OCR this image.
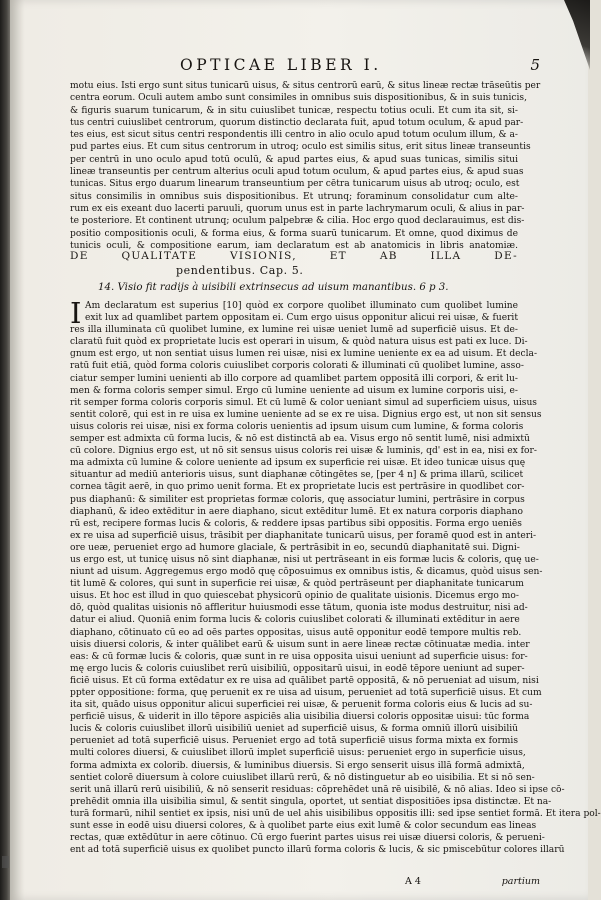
OPTICAE LIBER I.	5
motu eius. Isti ergo sunt situs tunicarū uisus, & situs centrorū earū, & situs lineæ rectæ trāseūtis per
centra eorum. Oculi autem ambo sunt consimiles in omnibus suis dispositionibus, & in suis tunicis,
& figuris suarum tunicarum, & in situ cuiuslibet tunicæ, respectu totius oculi. Et cum ita sit, si-
tus centri cuiuslibet centrorum, quorum distinctio declarata fuit, apud totum oculum, & apud par-
tes eius, est sicut situs centri respondentis illi centro in alio oculo apud totum oculum illum, & a-
pud partes eius. Et cum situs centrorum in utroq; oculo est similis situs, erit situs lineæ transeuntis
per centrū in uno oculo apud totū oculū, & apud partes eius, & apud suas tunicas, similis situi
lineæ transeuntis per centrum alterius oculi apud totum oculum, & apud partes eius, & apud suas
tunicas. Situs ergo duarum linearum transeuntium per cētra tunicarum uisus ab utroq; oculo, est
situs consimilis in omnibus suis dispositionibus. Et utrunq; foraminum consolidatur cum alte-
rum ex eis exeant duo lacerti paruuli, quorum unus est in parte lachrymarum oculi, & alius in par-
te posteriore. Et continent utrunq; oculum palpebræ & cilia. Hoc ergo quod declarauimus, est dis-
positio compositionis oculi, & forma eius, & forma suarū tunicarum. Et omne, quod diximus de
tunicis oculi, & compositione earum, iam declaratum est ab anatomicis in libris anatomiæ.
DE QUALITATE VISIONIS, ET AB ILLA DE-
pendentibus. Cap. 5.
14. Visio fit radijs à uisibili extrinsecus ad uisum manantibus. 6 p 3.
I Am declaratum est superius [10] quòd ex corpore quolibet illuminato cum quolibet lumine
exit lux ad quamlibet partem oppositam ei. Cum ergo uisus opponitur alicui rei uisæ, & fuerit
res illa illuminata cū quolibet lumine, ex lumine rei uisæ ueniet lumē ad superficiē uisus. Et de-
claratū fuit quòd ex proprietate lucis est operari in uisum, & quòd natura uisus est pati ex luce. Di-
gnum est ergo, ut non sentiat uisus lumen rei uisæ, nisi ex lumine ueniente ex ea ad uisum. Et decla-
ratū fuit etiā, quòd forma coloris cuiuslibet corporis colorati & illuminati cū quolibet lumine, asso-
ciatur semper lumini uenienti ab illo corpore ad quamlibet partem oppositā illi corpori, & erit lu-
men & forma coloris semper simul. Ergo cū lumine ueniente ad uisum ex lumine corporis uisi, e-
rit semper forma coloris corporis simul. Et cū lumē & color ueniant simul ad superficiem uisus, uisus
sentit colorē, qui est in re uisa ex lumine ueniente ad se ex re uisa. Dignius ergo est, ut non sit sensus
uisus coloris rei uisæ, nisi ex forma coloris uenientis ad ipsum uisum cum lumine, & forma coloris
semper est admixta cū forma lucis, & nō est distinctā ab ea. Visus ergo nō sentit lumē, nisi admixtū
cū colore. Dignius ergo est, ut nō sit sensus uisus coloris rei uisæ & luminis, qd' est in ea, nisi ex for-
ma admixta cū lumine & colore ueniente ad ipsum ex superficie rei uisæ. Et ideo tunicæ uisus quę
situantur ad mediū anterioris uisus, sunt diaphanæ cōtingētes se, [per 4 n] & prima illarū, scilicet
cornea tāgit aerē, in quo primo uenit forma. Et ex proprietate lucis est pertrāsire in quodlibet cor-
pus diaphanū: & similiter est proprietas formæ coloris, quę associatur lumini, pertrāsire in corpus
diaphanū, & ideo extēditur in aere diaphano, sicut extēditur lumē. Et ex natura corporis diaphano
rū est, recipere formas lucis & coloris, & reddere ipsas partibus sibi oppositis. Forma ergo ueniēs
ex re uisa ad superficiē uisus, trāsibit per diaphanitate tunicarū uisus, per foramē quod est in anteri-
ore ueæ, perueniet ergo ad humore glaciale, & pertrāsibit in eo, secundū diaphanitatē sui. Digni-
us ergo est, ut tunicę uisus nō sint diaphanæ, nisi ut pertrāseant in eis formæ lucis & coloris, quę ue-
niunt ad uisum. Aggregemus ergo modō quę cōposuimus ex omnibus istis, & dicamus, quòd uisus sen-
tit lumē & colores, qui sunt in superficie rei uisæ, & quòd pertrāseunt per diaphanitate tunicarum
uisus. Et hoc est illud in quo quiescebat physicorū opinio de qualitate uisionis. Dicemus ergo mo-
dō, quòd qualitas uisionis nō affleritur huiusmodi esse tātum, quonia iste modus destruitur, nisi ad-
datur ei aliud. Quoniā enim forma lucis & coloris cuiuslibet colorati & illuminati extēditur in aere
diaphano, cōtinuato cū eo ad oēs partes oppositas, uisus autē opponitur eodē tempore multis reb.
uisis diuersi coloris, & inter quālibet earū & uisum sunt in aere lineæ rectæ cōtinuatæ media. inter
eas: & cū formæ lucis & coloris, quæ sunt in re uisa opposita uisui ueniunt ad superficie uisus: for-
mę ergo lucis & coloris cuiuslibet rerū uisibiliū, oppositarū uisui, in eodē tēpore ueniunt ad super-
ficiē uisus. Et cū forma extēdatur ex re uisa ad quālibet partē oppositā, & nō perueniat ad uisum, nisi
ppter oppositione: forma, quę peruenit ex re uisa ad uisum, perueniet ad totā superficiē uisus. Et cum
ita sit, quādo uisus opponitur alicui superficiei rei uisæ, & peruenit forma coloris eius & lucis ad su-
perficiē uisus, & uiderit in illo tēpore aspiciēs alia uisibilia diuersi coloris oppositæ uisui: tūc forma
lucis & coloris cuiuslibet illorū uisibiliū ueniet ad superficiē uisus, & forma omniū illorū uisibiliū
perueniet ad totā superficiē uisus. Perueniet ergo ad totā superficiē uisus forma mixta ex formis
multi colores diuersi, & cuiuslibet illorū implet superficiē uisus: perueniet ergo in superficie uisus,
forma admixta ex colorib. diuersis, & luminibus diuersis. Si ergo senserit uisus illā formā admixtā,
sentiet colorē diuersum à colore cuiuslibet illarū rerū, & nō distinguetur ab eo uisibilia. Et si nō sen-
serit unā illarū rerū uisibiliū, & nō senserit residuas: cōprehēdet unā rē uisibilē, & nō alias. Ideo si ipse cō-
prehēdit omnia illa uisibilia simul, & sentit singula, oportet, ut sentiat dispositiōes ipsa distinctæ. Et na-
turā formarū, nihil sentiet ex ipsis, nisi unū de uel ahis uisibilibus oppositis illi: sed ipse sentiet formā. Et itera pol-
sunt esse in eodē uisu diuersi colores, & à quolibet parte eius exit lumē & color secundum eas lineas
rectas, quæ extēdūtur in aere cōtinuo. Cū ergo fuerint partes uisus rei uisæ diuersi coloris, & perueni-
ent ad totā superficiē uisus ex quolibet puncto illarū forma coloris & lucis, & sic pmiscebūtur colores illarū
A 4	partium
